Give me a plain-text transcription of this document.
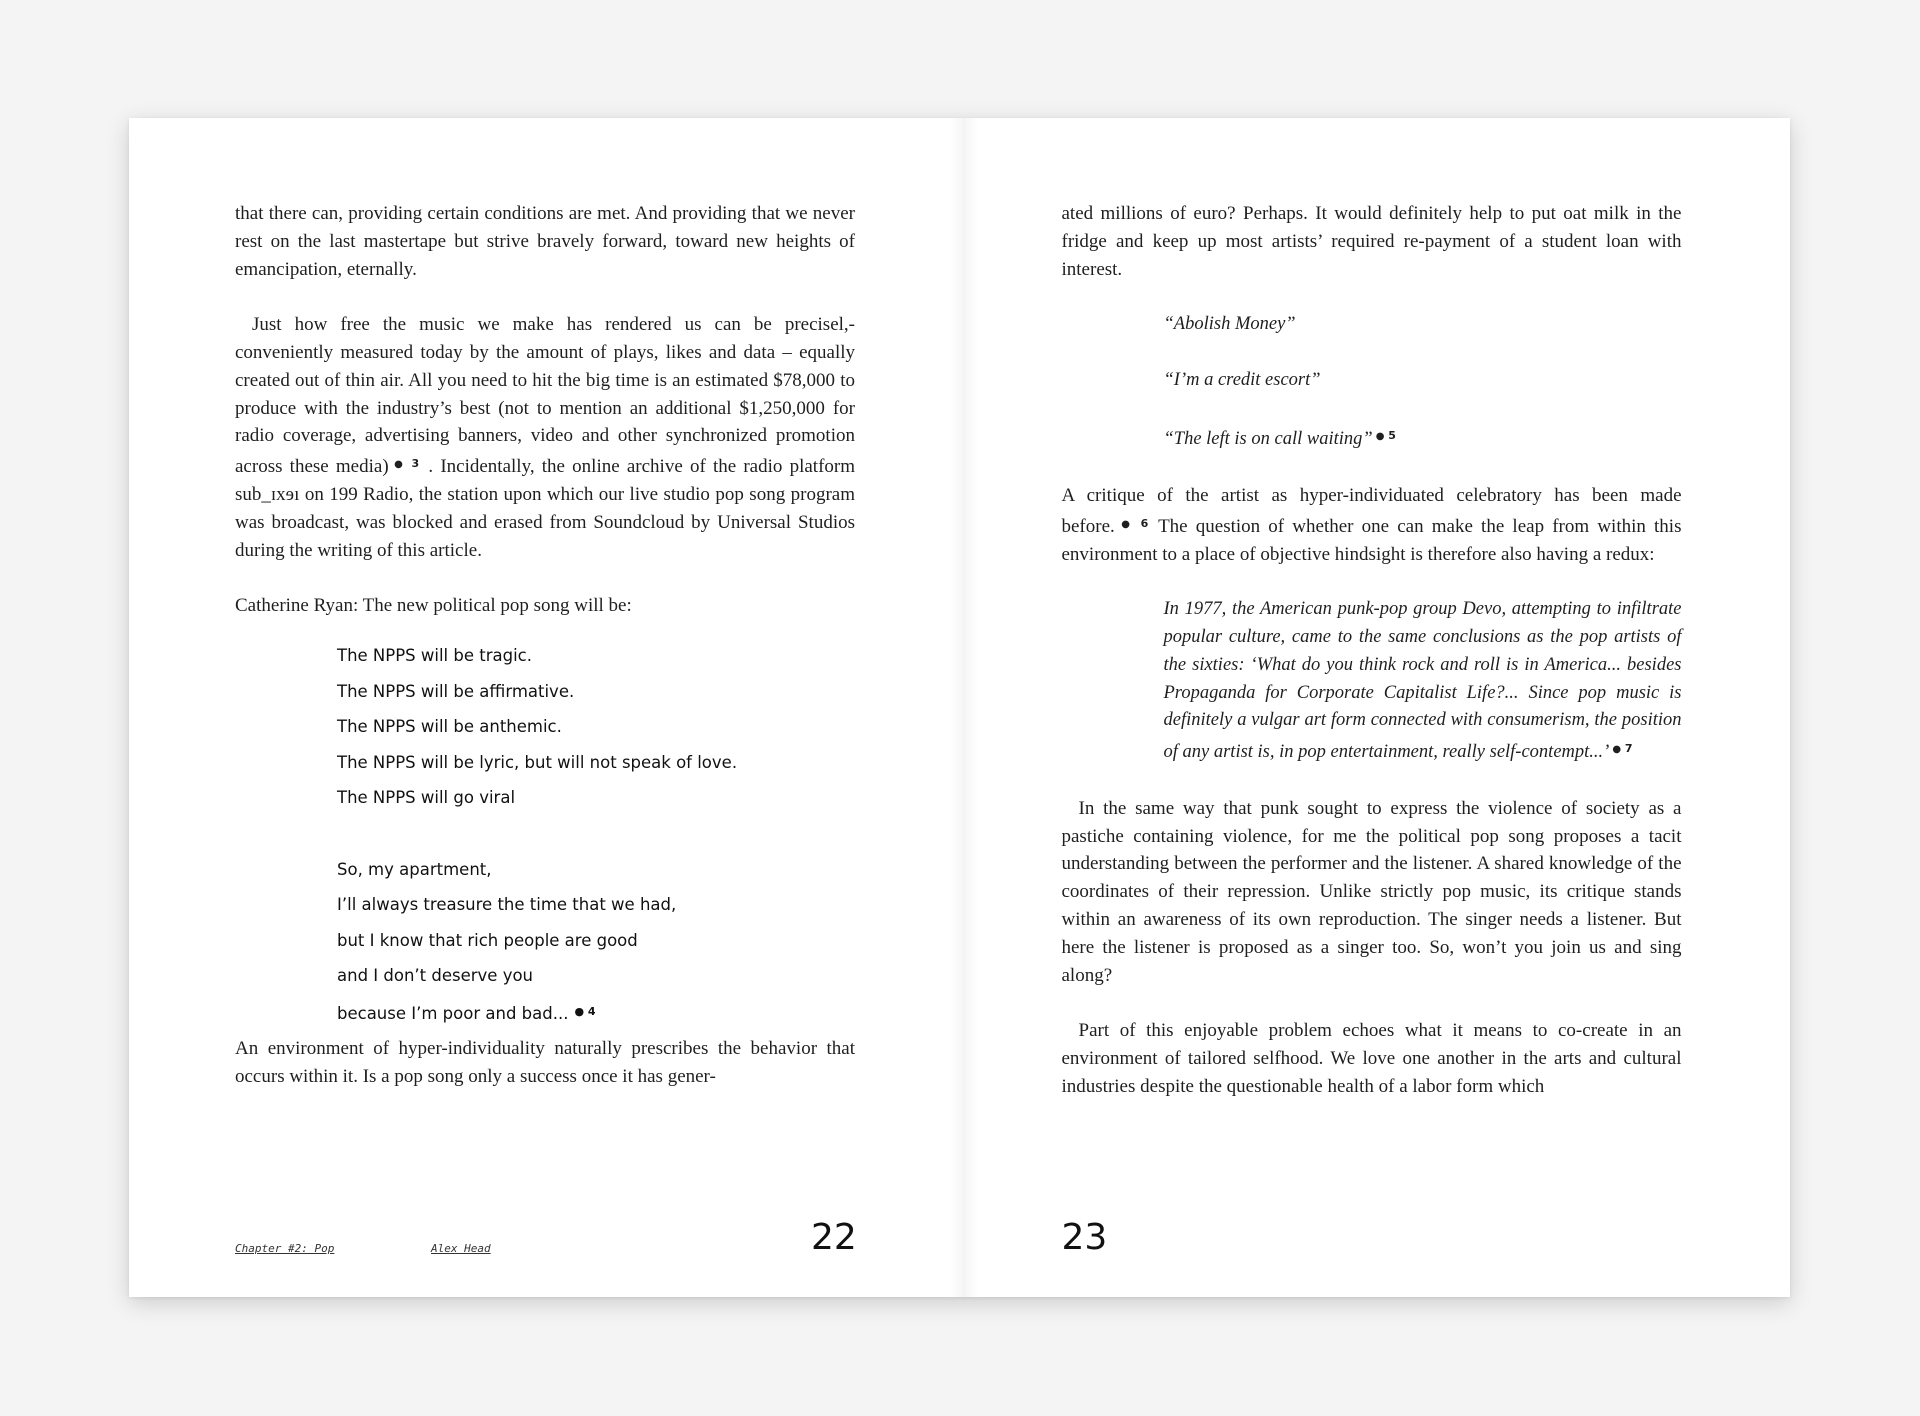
that there can, providing certain conditions are met. And providing that we never rest on the last mastertape but strive bravely forward, toward new heights of emancipation, eternally.

Just how free the music we make has rendered us can be precisel,- conveniently measured today by the amount of plays, likes and data – equally created out of thin air. All you need to hit the big time is an estimated $78,000 to produce with the industry’s best (not to mention an additional $1,250,000 for radio coverage, advertising banners, video and other synchronized promotion across these media) $^{● 3}$ . Incidentally, the online archive of the radio platform sub_ɪxɘı on 199 Radio, the station upon which our live studio pop song program was broadcast, was blocked and erased from Soundcloud by Universal Studios during the writing of this article.

Catherine Ryan: The new political pop song will be:

The NPPS will be tragic.
The NPPS will be affirmative.
The NPPS will be anthemic.
The NPPS will be lyric, but will not speak of love.
The NPPS will go viral
So, my apartment,
I’ll always treasure the time that we had,
but I know that rich people are good
and I don’t deserve you
because I’m poor and bad... $^{● 4}$

An environment of hyper-individuality naturally prescribes the behavior that occurs within it. Is a pop song only a success once it has gener-

Chapter #2: Pop	Alex Head	22

ated millions of euro? Perhaps. It would definitely help to put oat milk in the fridge and keep up most artists’ required re-payment of a student loan with interest.

“Abolish Money”
“I’m a credit escort”
“The left is on call waiting” $^{● 5}$

A critique of the artist as hyper-individuated celebratory has been made before. $^{● 6}$ The question of whether one can make the leap from within this environment to a place of objective hindsight is therefore also having a redux:

In 1977, the American punk-pop group Devo, attempting to infiltrate popular culture, came to the same conclusions as the pop artists of the sixties: ‘What do you think rock and roll is in America... besides Propaganda for Corporate Capitalist Life?... Since pop music is definitely a vulgar art form connected with consumerism, the position of any artist is, in pop entertainment, really self-contempt...’ $^{● 7}$

In the same way that punk sought to express the violence of society as a pastiche containing violence, for me the political pop song proposes a tacit understanding between the performer and the listener. A shared knowledge of the coordinates of their repression. Unlike strictly pop music, its critique stands within an awareness of its own reproduction. The singer needs a listener. But here the listener is proposed as a singer too. So, won’t you join us and sing along?

Part of this enjoyable problem echoes what it means to co-create in an environment of tailored selfhood. We love one another in the arts and cultural industries despite the questionable health of a labor form which

23
